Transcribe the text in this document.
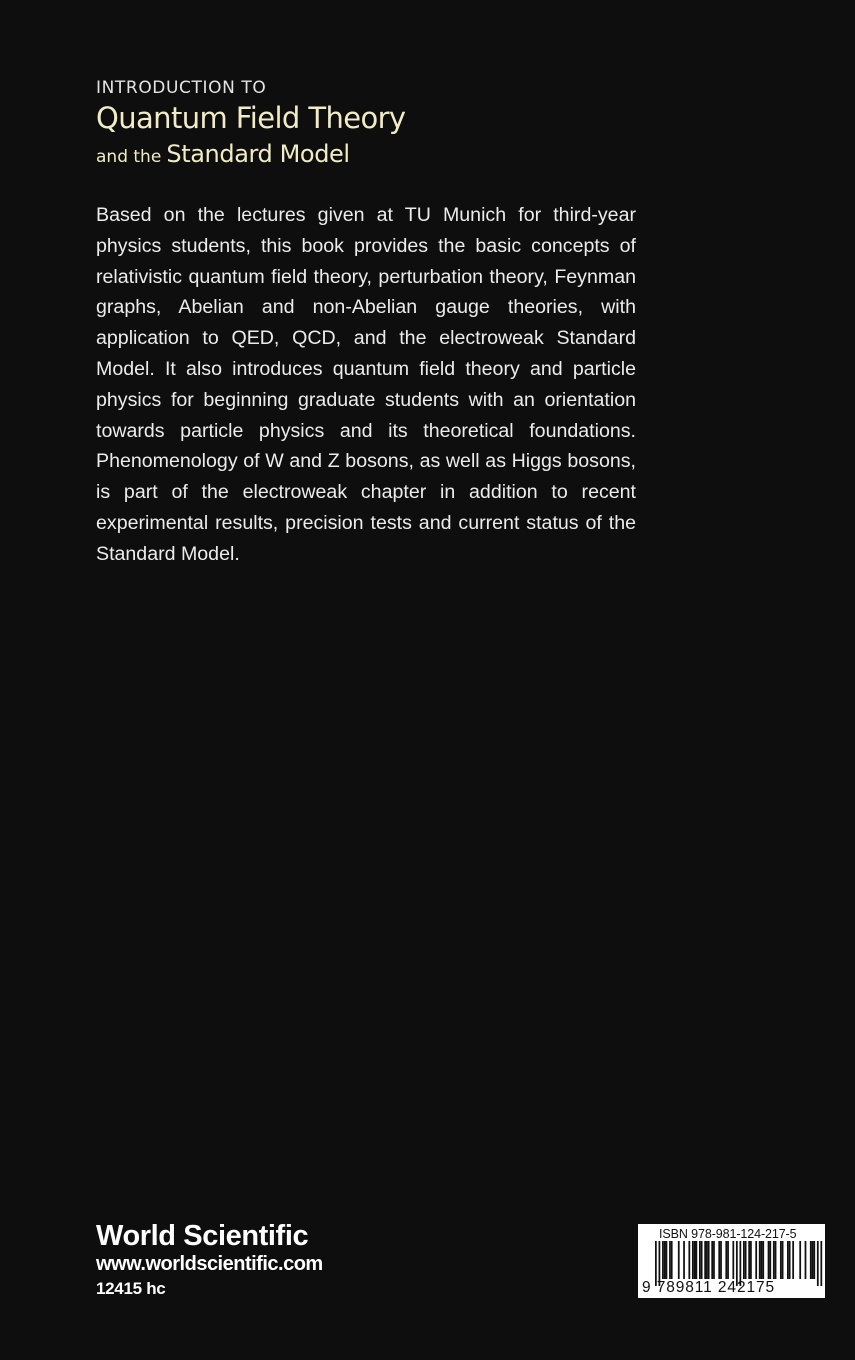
INTRODUCTION TO
Quantum Field Theory
and the Standard Model

Based on the lectures given at TU Munich for third-year physics students, this book provides the basic concepts of relativistic quantum field theory, perturbation theory, Feynman graphs, Abelian and non-Abelian gauge theories, with application to QED, QCD, and the electroweak Standard Model. It also introduces quantum field theory and particle physics for beginning graduate students with an orientation towards particle physics and its theoretical foundations. Phenomenology of W and Z bosons, as well as Higgs bosons, is part of the electroweak chapter in addition to recent experimental results, precision tests and current status of the Standard Model.

World Scientific
www.worldscientific.com
12415 hc
ISBN 978-981-124-217-5
9 789811 242175
